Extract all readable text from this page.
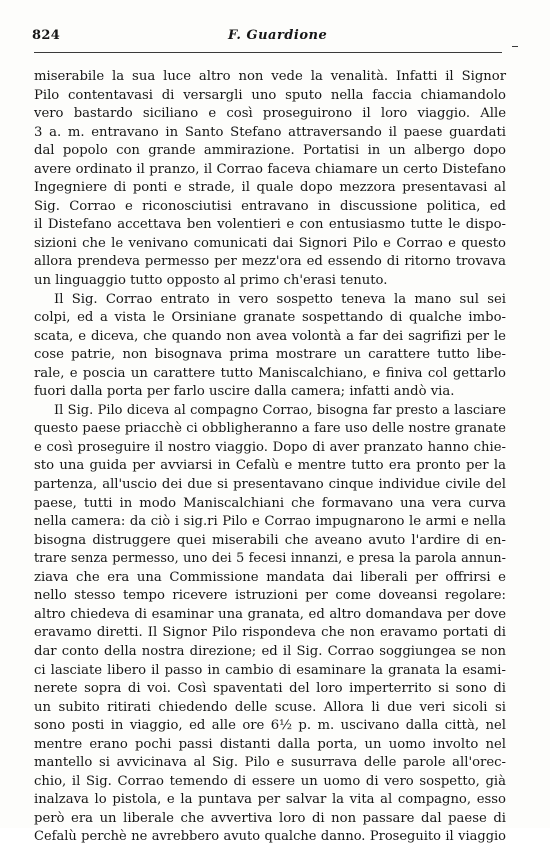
824	F. Guardione
miserabile la sua luce altro non vede la venalità. Infatti il Signor
Pilo contentavasi di versargli uno sputo nella faccia chiamandolo
vero bastardo siciliano e così proseguirono il loro viaggio. Alle
3 a. m. entravano in Santo Stefano attraversando il paese guardati
dal popolo con grande ammirazione. Portatisi in un albergo dopo
avere ordinato il pranzo, il Corrao faceva chiamare un certo Distefano
Ingegniere di ponti e strade, il quale dopo mezzora presentavasi al
Sig. Corrao e riconosciutisi entravano in discussione politica, ed
il Distefano accettava ben volentieri e con entusiasmo tutte le dispo-
sizioni che le venivano comunicati dai Signori Pilo e Corrao e questo
allora prendeva permesso per mezz'ora ed essendo di ritorno trovava
un linguaggio tutto opposto al primo ch'erasi tenuto.
Il Sig. Corrao entrato in vero sospetto teneva la mano sul sei
colpi, ed a vista le Orsiniane granate sospettando di qualche imbo-
scata, e diceva, che quando non avea volontà a far dei sagrifizi per le
cose patrie, non bisognava prima mostrare un carattere tutto libe-
rale, e poscia un carattere tutto Maniscalchiano, e finiva col gettarlo
fuori dalla porta per farlo uscire dalla camera; infatti andò via.
Il Sig. Pilo diceva al compagno Corrao, bisogna far presto a lasciare
questo paese priacchè ci obbligheranno a fare uso delle nostre granate
e così proseguire il nostro viaggio. Dopo di aver pranzato hanno chie-
sto una guida per avviarsi in Cefalù e mentre tutto era pronto per la
partenza, all'uscio dei due si presentavano cinque individue civile del
paese, tutti in modo Maniscalchiani che formavano una vera curva
nella camera: da ciò i sig.ri Pilo e Corrao impugnarono le armi e nella
bisogna distruggere quei miserabili che aveano avuto l'ardire di en-
trare senza permesso, uno dei 5 fecesi innanzi, e presa la parola annun-
ziava che era una Commissione mandata dai liberali per offrirsi e
nello stesso tempo ricevere istruzioni per come doveansi regolare:
altro chiedeva di esaminar una granata, ed altro domandava per dove
eravamo diretti. Il Signor Pilo rispondeva che non eravamo portati di
dar conto della nostra direzione; ed il Sig. Corrao soggiungea se non
ci lasciate libero il passo in cambio di esaminare la granata la esami-
nerete sopra di voi. Così spaventati del loro imperterrito si sono di
un subito ritirati chiedendo delle scuse. Allora li due veri sicoli si
sono posti in viaggio, ed alle ore 6½ p. m. uscivano dalla città, nel
mentre erano pochi passi distanti dalla porta, un uomo involto nel
mantello si avvicinava al Sig. Pilo e susurrava delle parole all'orec-
chio, il Sig. Corrao temendo di essere un uomo di vero sospetto, già
inalzava lo pistola, e la puntava per salvar la vita al compagno, esso
però era un liberale che avvertiva loro di non passare dal paese di
Cefalù perchè ne avrebbero avuto qualche danno. Proseguito il viaggio
